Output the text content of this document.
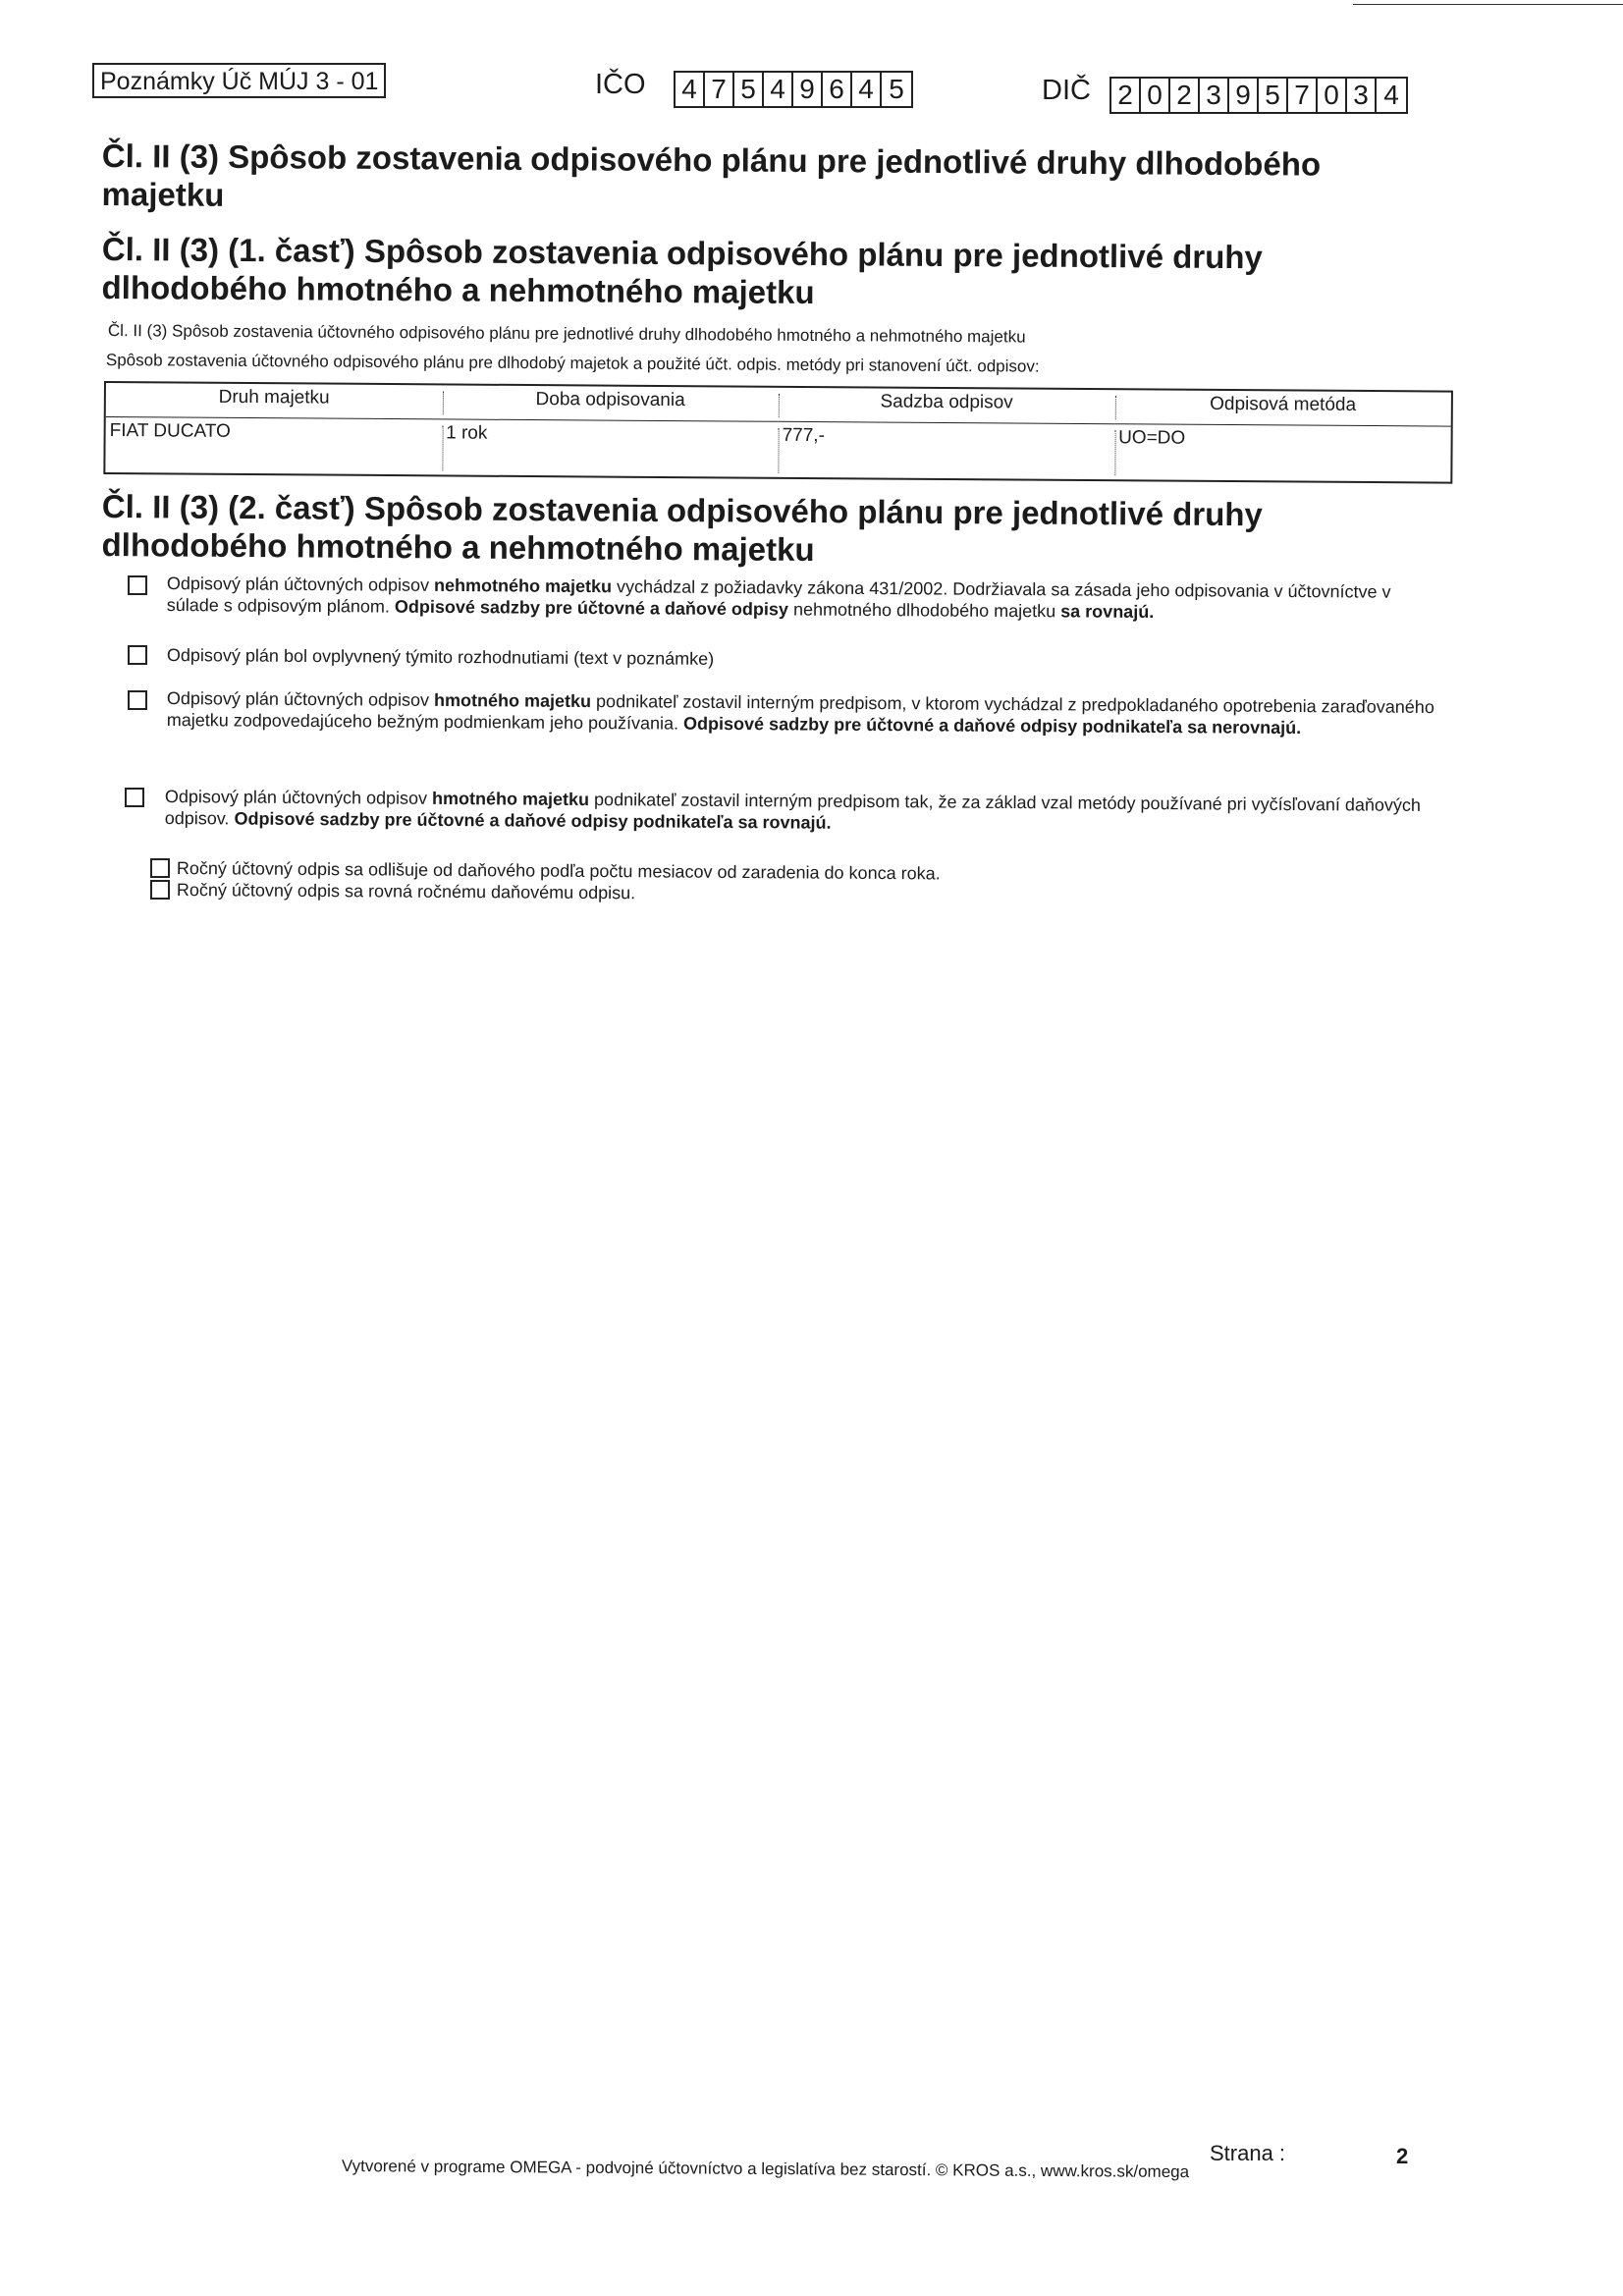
Poznámky Úč MÚJ 3 - 01	IČO 4 7 5 4 9 6 4 5	DIČ 2 0 2 3 9 5 7 0 3 4
Čl. II (3) Spôsob zostavenia odpisového plánu pre jednotlivé druhy dlhodobého majetku
Čl. II (3) (1. časť) Spôsob zostavenia odpisového plánu pre jednotlivé druhy dlhodobého hmotného a nehmotného majetku
Čl. II (3) Spôsob zostavenia účtovného odpisového plánu pre jednotlivé druhy dlhodobého hmotného a nehmotného majetku
Spôsob zostavenia účtovného odpisového plánu pre dlhodobý majetok a použité účt. odpis. metódy pri stanovení účt. odpisov:
Druh majetku	Doba odpisovania	Sadzba odpisov	Odpisová metóda
FIAT DUCATO	1 rok	777,-	UO=DO
Čl. II (3) (2. časť) Spôsob zostavenia odpisového plánu pre jednotlivé druhy dlhodobého hmotného a nehmotného majetku
Odpisový plán účtovných odpisov nehmotného majetku vychádzal z požiadavky zákona 431/2002. Dodržiavala sa zásada jeho odpisovania v účtovníctve v súlade s odpisovým plánom. Odpisové sadzby pre účtovné a daňové odpisy nehmotného dlhodobého majetku sa rovnajú.
Odpisový plán bol ovplyvnený týmito rozhodnutiami (text v poznámke)
Odpisový plán účtovných odpisov hmotného majetku podnikateľ zostavil interným predpisom, v ktorom vychádzal z predpokladaného opotrebenia zaraďovaného majetku zodpovedajúceho bežným podmienkam jeho používania. Odpisové sadzby pre účtovné a daňové odpisy podnikateľa sa nerovnajú.
Odpisový plán účtovných odpisov hmotného majetku podnikateľ zostavil interným predpisom tak, že za základ vzal metódy používané pri vyčísľovaní daňových odpisov. Odpisové sadzby pre účtovné a daňové odpisy podnikateľa sa rovnajú.
Ročný účtovný odpis sa odlišuje od daňového podľa počtu mesiacov od zaradenia do konca roka.
Ročný účtovný odpis sa rovná ročnému daňovému odpisu.
Vytvorené v programe OMEGA - podvojné účtovníctvo a legislatíva bez starostí. © KROS a.s., www.kros.sk/omega
Strana :	2
